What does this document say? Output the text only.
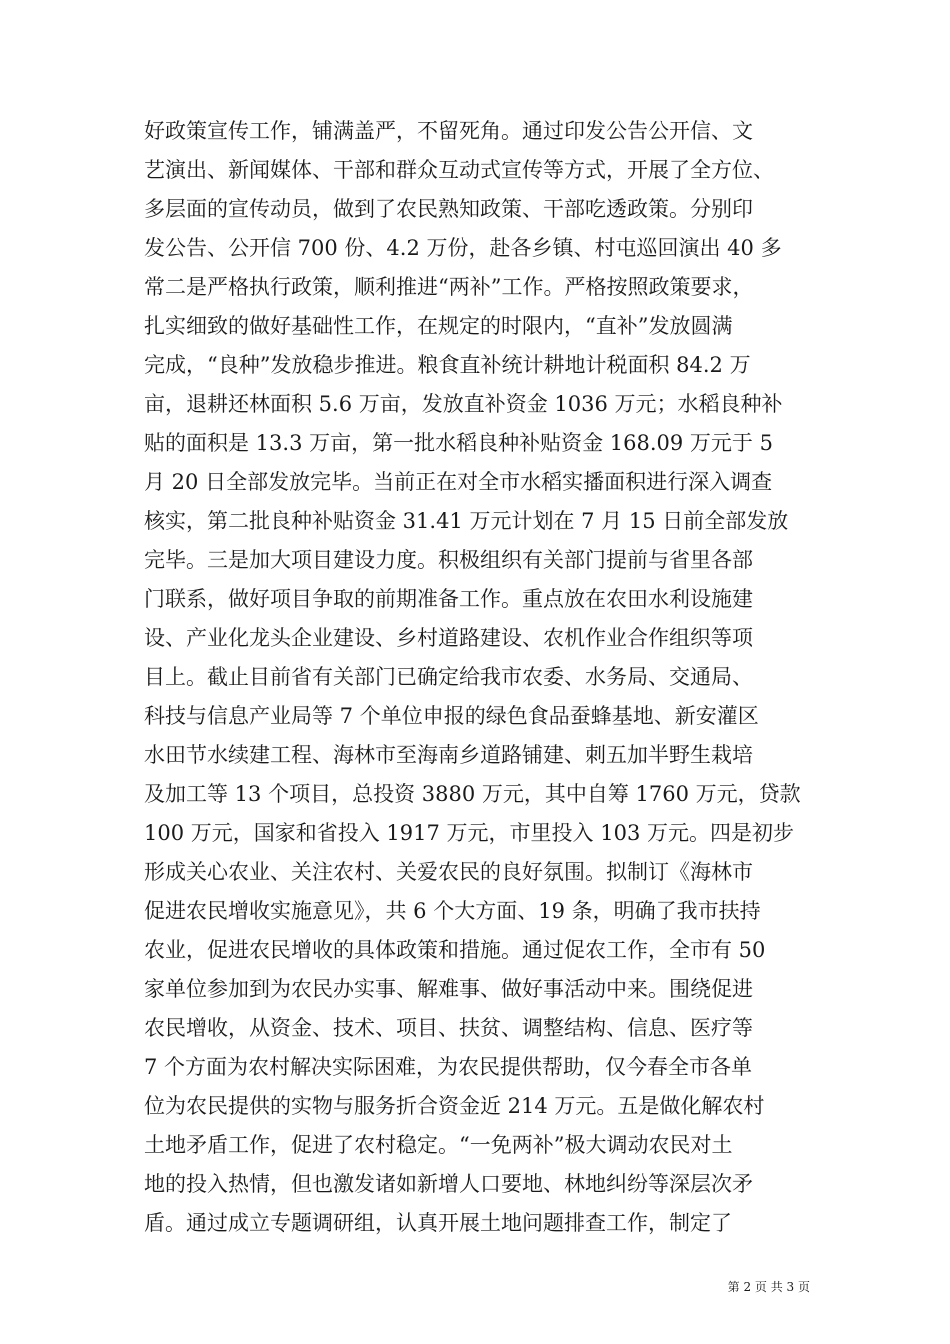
好政策宣传工作，铺满盖严，不留死角。通过印发公告公开信、文
艺演出、新闻媒体、干部和群众互动式宣传等方式，开展了全方位、
多层面的宣传动员，做到了农民熟知政策、干部吃透政策。分别印
发公告、公开信 700 份、4.2 万份，赴各乡镇、村屯巡回演出 40 多
常二是严格执行政策，顺利推进“两补”工作。严格按照政策要求，
扎实细致的做好基础性工作，在规定的时限内，“直补”发放圆满
完成，“良种”发放稳步推进。粮食直补统计耕地计税面积 84.2 万
亩，退耕还林面积 5.6 万亩，发放直补资金 1036 万元；水稻良种补
贴的面积是 13.3 万亩，第一批水稻良种补贴资金 168.09 万元于 5
月 20 日全部发放完毕。当前正在对全市水稻实播面积进行深入调查
核实，第二批良种补贴资金 31.41 万元计划在 7 月 15 日前全部发放
完毕。三是加大项目建设力度。积极组织有关部门提前与省里各部
门联系，做好项目争取的前期准备工作。重点放在农田水利设施建
设、产业化龙头企业建设、乡村道路建设、农机作业合作组织等项
目上。截止目前省有关部门已确定给我市农委、水务局、交通局、
科技与信息产业局等 7 个单位申报的绿色食品蚕蜂基地、新安灌区
水田节水续建工程、海林市至海南乡道路铺建、刺五加半野生栽培
及加工等 13 个项目，总投资 3880 万元，其中自筹 1760 万元，贷款
100 万元，国家和省投入 1917 万元，市里投入 103 万元。四是初步
形成关心农业、关注农村、关爱农民的良好氛围。拟制订《海林市
促进农民增收实施意见》，共 6 个大方面、19 条，明确了我市扶持
农业，促进农民增收的具体政策和措施。通过促农工作，全市有 50
家单位参加到为农民办实事、解难事、做好事活动中来。围绕促进
农民增收，从资金、技术、项目、扶贫、调整结构、信息、医疗等
7 个方面为农村解决实际困难，为农民提供帮助，仅今春全市各单
位为农民提供的实物与服务折合资金近 214 万元。五是做化解农村
土地矛盾工作，促进了农村稳定。“一免两补”极大调动农民对土
地的投入热情，但也激发诸如新增人口要地、林地纠纷等深层次矛
盾。通过成立专题调研组，认真开展土地问题排查工作，制定了
第 2 页 共 3 页
